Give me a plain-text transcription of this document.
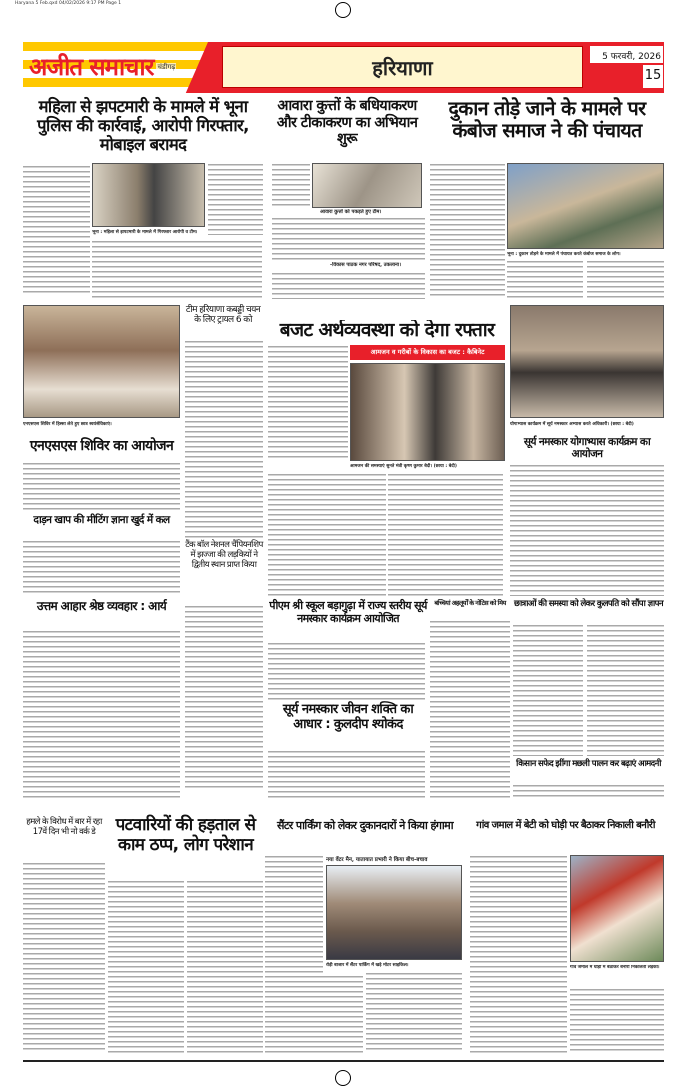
Haryana 5 Feb.qxd 04/02/2026 9:17 PM Page 1
अजीत समाचार चंडीगढ़	हरियाणा	5 फरवरी, 2026
15
महिला से झपटमारी के मामले में भूना पुलिस की कार्रवाई, आरोपी गिरफ्तार, मोबाइल बरामद
भूना : महिला से झपटमारी के मामले में गिरफ्तार आरोपी व टीम।
आवारा कुत्तों के बधियाकरण और टीकाकरण का अभियान शुरू
आवारा कुत्तों को पकड़ते हुए टीम।
-विकास पाठक नगर परिषद, उकलाना।
दुकान तोड़े जाने के मामले पर कंबोज समाज ने की पंचायत
भूना : दुकान तोड़ने के मामले में पंचायत करते कंबोज समाज के लोग।
एनएसएस शिविर में हिस्सा लेते हुए छात्र स्वयंसेविकाएं।
टीम हरियाणा कबड्डी चयन के लिए ट्रायल 6 को
एनएसएस शिविर का आयोजन
दाड़न खाप की मीटिंग ज्ञाना खुर्द में कल
टैंक बॉल नेशनल चैंपियनशिप में झज्जा की लड़कियों ने द्वितीय स्थान प्राप्त किया
बजट अर्थव्यवस्था को देगा रफ्तार
आमजन व गरीबों के विकास का बजट : कैबिनेट
आमजन की समस्याएं सुनते मंत्री कृष्ण कुमार बेदी। (छाया : बेदी)
योगाभ्यास कार्यक्रम में सूर्य नमस्कार अभ्यास करते अधिकारी। (छाया : बेदी)
सूर्य नमस्कार योगाभ्यास कार्यक्रम का आयोजन
उत्तम आहार श्रेष्ठ व्यवहार : आर्य	पीएम श्री स्कूल बड़ागुढ़ा में राज्य स्तरीय सूर्य नमस्कार कार्यक्रम आयोजित
सूर्य नमस्कार जीवन शक्ति का आधार : कुलदीप श्योकंद
बच्चियां अहलूर्यों के नोटिस को मिय छात्राओं की समस्या को लेकर कुलपति को सौंपा ज्ञापन
किसान सफेद झींगा मछली पालन कर बढ़ाएं आमदनी
हमले के विरोध में बार में रहा 17वें दिन भी नो वर्क डे	पटवारियों की हड़ताल से काम ठप्प, लोग परेशान
सैंटर पार्किंग को लेकर दुकानदारों ने किया हंगामा
नया वेंटर मैन, यातायात प्रभारी ने किया बीच-बचाव
रोड़ी बाजार में सैंटर पार्किंग में खड़े मोटर साइकिल।
गांव जमाल में बेटी को घोड़ी पर बैठाकर निकाली बनौरी
गांव जमाल में घोड़ी में बैठाकर बनौरी निकालती लड़की।
